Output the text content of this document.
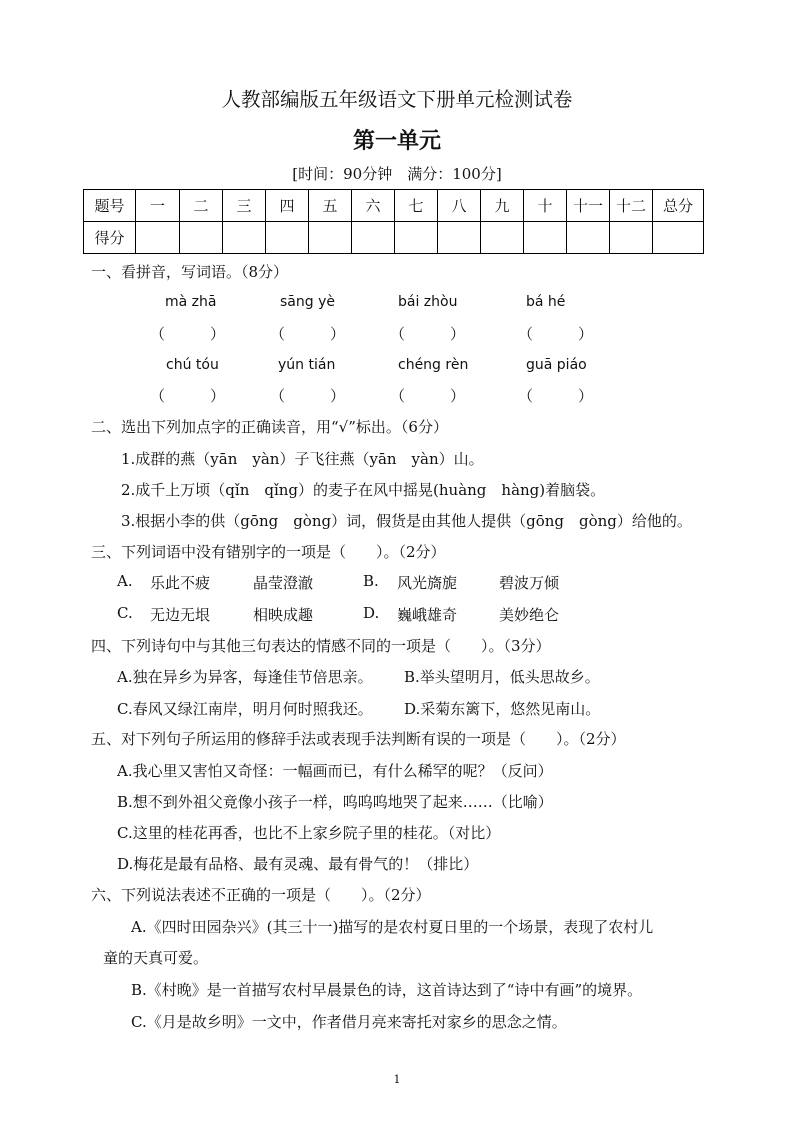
人教部编版五年级语文下册单元检测试卷
第一单元
[时间：90分钟　满分：100分]
题号	一	二	三	四	五	六	七	八	九	十	十一	十二	总分
得分													
一、看拼音，写词语。（8分）
mà zhā	sāng yè	bái zhòu	bá hé
（　　　）	（　　　）	（　　　）	（　　　）
chú tóu	yún tián	chéng rèn	guā piáo
（　　　）	（　　　）	（　　　）	（　　　）
二、选出下列加点字的正确读音，用“√”标出。（6分）
1.成群的燕（yān　yàn）子飞往燕（yān　yàn）山。
2.成千上万顷（qǐn　qǐng）的麦子在风中摇晃(huàng　hàng)着脑袋。
3.根据小李的供（gōng　gòng）词，假货是由其他人提供（gōng　gòng）给他的。
三、下列词语中没有错别字的一项是（　　）。（2分）
A. 乐此不疲	晶莹澄澈	B. 风光旖旎	碧波万倾
C. 无边无垠	相映成趣	D. 巍峨雄奇	美妙绝仑
四、下列诗句中与其他三句表达的情感不同的一项是（　　）。（3分）
A.独在异乡为异客，每逢佳节倍思亲。 B.举头望明月，低头思故乡。
C.春风又绿江南岸，明月何时照我还。 D.采菊东篱下，悠然见南山。
五、对下列句子所运用的修辞手法或表现手法判断有误的一项是（　　）。（2分）
A.我心里又害怕又奇怪：一幅画而已，有什么稀罕的呢？（反问）
B.想不到外祖父竟像小孩子一样，呜呜呜地哭了起来……（比喻）
C.这里的桂花再香，也比不上家乡院子里的桂花。（对比）
D.梅花是最有品格、最有灵魂、最有骨气的！（排比）
六、下列说法表述不正确的一项是（　　）。（2分）
A.《四时田园杂兴》(其三十一)描写的是农村夏日里的一个场景，表现了农村儿
童的天真可爱。
B.《村晚》是一首描写农村早晨景色的诗，这首诗达到了“诗中有画”的境界。
C.《月是故乡明》一文中，作者借月亮来寄托对家乡的思念之情。
1
